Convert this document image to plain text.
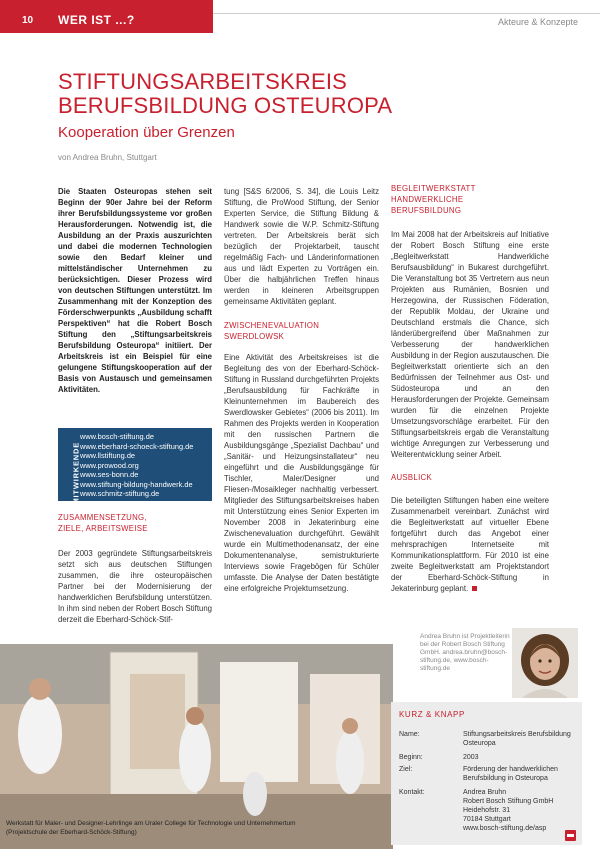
10 WER IST ...?	Akteure & Konzepte
STIFTUNGSARBEITSKREIS
BERUFSBILDUNG OSTEUROPA
Kooperation über Grenzen
von Andrea Bruhn, Stuttgart

Die Staaten Osteuropas stehen seit Beginn der 90er Jahre bei der Reform ihrer Berufsbildungssysteme vor großen Herausforderungen. Notwendig ist, die Ausbildung an der Praxis auszurichten und dabei die modernen Technologien sowie den Bedarf kleiner und mittelständischer Unternehmen zu berücksichtigen. Dieser Prozess wird von deutschen Stiftungen unterstützt. Im Zusammenhang mit der Konzeption des Förderschwerpunkts „Ausbildung schafft Perspektiven“ hat die Robert Bosch Stiftung den „Stiftungsarbeitskreis Berufsbildung Osteuropa“ initiiert. Der Arbeitskreis ist ein Beispiel für eine gelungene Stiftungskooperation auf der Basis von Austausch und gemeinsamen Aktivitäten.

MITWIRKENDE
www.bosch-stiftung.de
www.eberhard-schoeck-stiftung.de
www.llstiftung.de
www.prowood.org
www.ses-bonn.de
www.stiftung-bildung-handwerk.de
www.schmitz-stiftung.de
ZUSAMMENSETZUNG,
ZIELE, ARBEITSWEISE

Der 2003 gegründete Stiftungsarbeitskreis setzt sich aus deutschen Stiftungen zusammen, die ihre osteuropäischen Partner bei der Modernisierung der handwerklichen Berufsbildung unterstützen. In ihm sind neben der Robert Bosch Stiftung derzeit die Eberhard-Schöck-Stif-

tung [S&S 6/2006, S. 34], die Louis Leitz Stiftung, die ProWood Stiftung, der Senior Experten Service, die Stiftung Bildung & Handwerk sowie die W.P. Schmitz-Stiftung vertreten. Der Arbeitskreis berät sich bezüglich der Projektarbeit, tauscht regelmäßig Fach- und Länderinformationen aus und lädt Experten zu Vorträgen ein. Über die halbjährlichen Treffen hinaus werden in kleineren Arbeitsgruppen gemeinsame Aktivitäten geplant.

ZWISCHENEVALUATION SWERDLOWSK

Eine Aktivität des Arbeitskreises ist die Begleitung des von der Eberhard-Schöck-Stiftung in Russland durchgeführten Projekts „Berufsausbildung für Fachkräfte in Kleinunternehmen im Baubereich des Swerdlowsker Gebietes“ (2006 bis 2011). Im Rahmen des Projekts werden in Kooperation mit den russischen Partnern die Ausbildungsgänge „Spezialist Dachbau“ und „Sanitär- und Heizungsinstallateur“ neu eingeführt und die Ausbildungsgänge für Tischler, Maler/Designer und Fliesen-/Mosaikleger nachhaltig verbessert. Mitglieder des Stiftungsarbeitskreises haben mit Unterstützung eines Senior Experten im November 2008 in Jekaterinburg eine Zwischenevaluation durchgeführt. Gewählt wurde ein Multimethodenansatz, der eine Dokumentenanalyse, semistrukturierte Interviews sowie Fragebögen für Schüler umfasste. Die Analyse der Daten bestätigte eine erfolgreiche Projektumsetzung.

BEGLEITWERKSTATT HANDWERKLICHE
BERUFSBILDUNG

Im Mai 2008 hat der Arbeitskreis auf Initiative der Robert Bosch Stiftung eine erste „Begleitwerkstatt Handwerkliche Berufsausbildung“ in Bukarest durchgeführt. Die Veranstaltung bot 35 Vertretern aus neun Projekten aus Rumänien, Bosnien und Herzegowina, der Russischen Föderation, der Republik Moldau, der Ukraine und Deutschland erstmals die Chance, sich länderübergreifend über Maßnahmen zur Verbesserung der handwerklichen Ausbildung in der Region auszutauschen. Die Begleitwerkstatt orientierte sich an den Bedürfnissen der Teilnehmer aus Ost- und Südosteuropa und an den Herausforderungen der Projekte. Gemeinsam wurden für die einzelnen Projekte Umsetzungsvorschläge erarbeitet. Für den Stiftungsarbeitskreis ergab die Veranstaltung wichtige Anregungen zur Verbesserung und Weiterentwicklung seiner Arbeit.

AUSBLICK

Die beteiligten Stiftungen haben eine weitere Zusammenarbeit vereinbart. Zunächst wird die Begleitwerkstatt auf virtueller Ebene fortgeführt durch das Angebot einer mehrsprachigen Internetseite mit Kommunikationsplattform. Für 2010 ist eine zweite Begleitwerkstatt am Projektstandort der Eberhard-Schöck-Stiftung in Jekaterinburg geplant.

Andrea Bruhn ist Projektleiterin bei der Robert Bosch Stiftung GmbH. andrea.bruhn@bosch-stiftung.de, www.bosch-stiftung.de
Werkstatt für Maler- und Designer-Lehrlinge am Uraler College für Technologie und Unternehmertum (Projektschule der Eberhard-Schöck-Stiftung)
KURZ & KNAPP
Name:	Stiftungsarbeitskreis Berufsbildung Osteuropa
Beginn:	2003
Ziel:	Förderung der handwerklichen Berufsbildung in Osteuropa
Kontakt:	Andrea Bruhn
Robert Bosch Stiftung GmbH
Heidehofstr. 31
70184 Stuttgart
www.bosch-stiftung.de/asp
